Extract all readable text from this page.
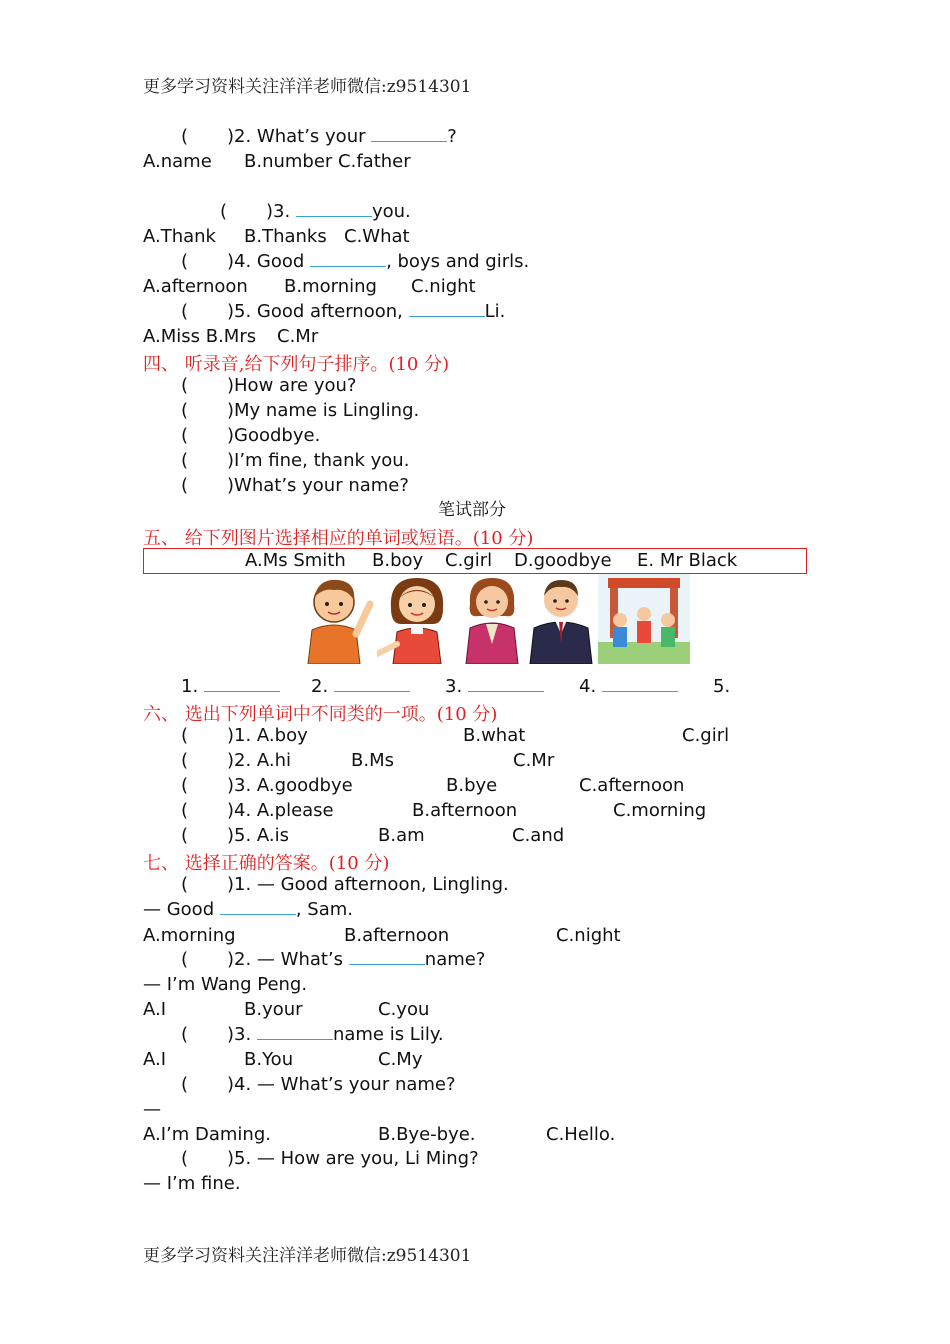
更多学习资料关注洋洋老师微信:z9514301
( )2. What’s your	?
A.name B.number C.father
( )3.	you.
A.Thank B.Thanks C.What
( )4. Good	, boys and girls.
A.afternoon B.morning C.night
( )5. Good afternoon,	Li.
A.Miss B.Mrs C.Mr
四、 听录音,给下列句子排序。(10 分)
( )How are you?
( )My name is Lingling.
( )Goodbye.
( )I’m fine, thank you.
( )What’s your name?
笔试部分
五、 给下列图片选择相应的单词或短语。(10 分)
A.Ms Smith B.boy C.girl D.goodbye E. Mr Black
1.	2.	3.	4.	5.
六、 选出下列单词中不同类的一项。(10 分)
( )1. A.boy	B.what	C.girl
( )2. A.hi	B.Ms	C.Mr
( )3. A.goodbye	B.bye	C.afternoon
( )4. A.please	B.afternoon	C.morning
( )5. A.is	B.am	C.and
七、 选择正确的答案。(10 分)
( )1. — Good afternoon, Lingling.
— Good	, Sam.
A.morning	B.afternoon	C.night
( )2. — What’s	name?
— I’m Wang Peng.
A.I	B.your	C.you
( )3.	name is Lily.
A.I	B.You	C.My
( )4. — What’s your name?
—
A.I’m Daming.	B.Bye-bye.	C.Hello.
( )5. — How are you, Li Ming?
— I’m fine.
更多学习资料关注洋洋老师微信:z9514301
